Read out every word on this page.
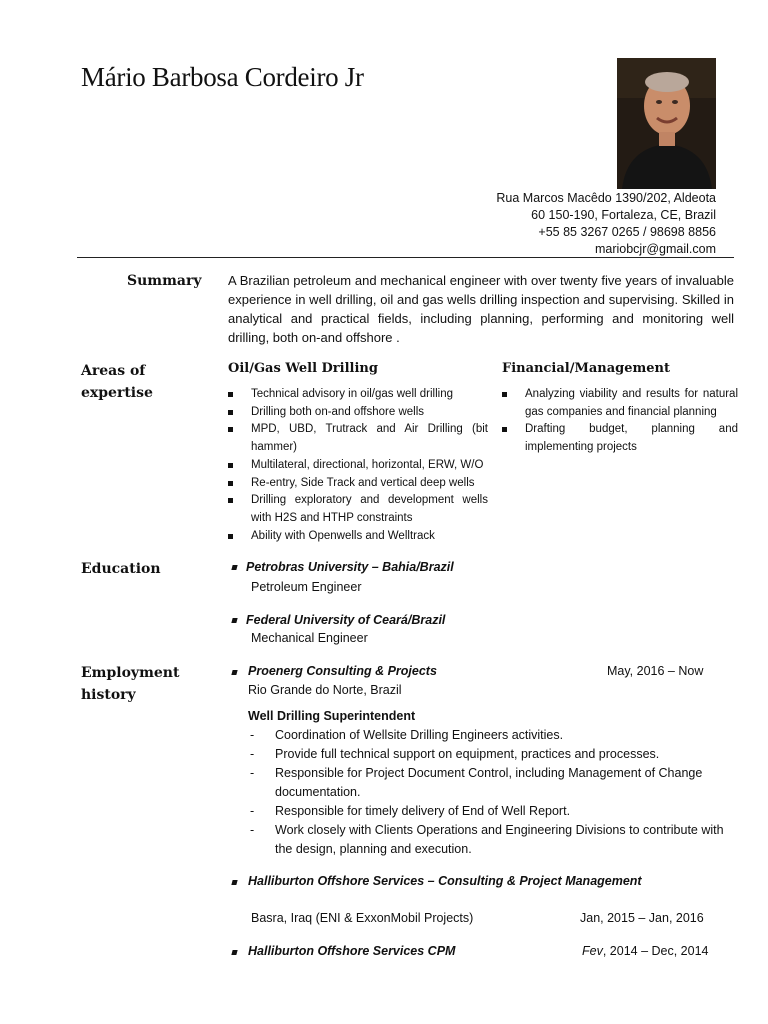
Mário Barbosa Cordeiro Jr
Rua Marcos Macêdo 1390/202, Aldeota
60 150-190, Fortaleza, CE, Brazil
+55 85 3267 0265 / 98698 8856
mariobcjr@gmail.com
Summary A Brazilian petroleum and mechanical engineer with over twenty five years of invaluable experience in well drilling, oil and gas wells drilling inspection and supervising. Skilled in analytical and practical fields, including planning, performing and monitoring well drilling, both on-and offshore .
Areas of
expertise
Oil/Gas Well Drilling
Technical advisory in oil/gas well drilling
Drilling both on-and offshore wells
MPD, UBD, Trutrack and Air Drilling (bit hammer)
Multilateral, directional, horizontal, ERW, W/O
Re-entry, Side Track and vertical deep wells
Drilling exploratory and development wells with H2S and HTHP constraints
Ability with Openwells and Welltrack
Financial/Management
Analyzing viability and results for natural gas companies and financial planning
Drafting budget, planning and implementing projects
Education	Petrobras University – Bahia/Brazil
Petroleum Engineer
Federal University of Ceará/Brazil
Mechanical Engineer
Employment
history
Proenerg Consulting & Projects	May, 2016 – Now
Rio Grande do Norte, Brazil
Well Drilling Superintendent
- Coordination of Wellsite Drilling Engineers activities.
- Provide full technical support on equipment, practices and processes.
- Responsible for Project Document Control, including Management of Change documentation.
- Responsible for timely delivery of End of Well Report.
- Work closely with Clients Operations and Engineering Divisions to contribute with the design, planning and execution.
Halliburton Offshore Services – Consulting & Project Management
Basra, Iraq (ENI & ExxonMobil Projects)	Jan, 2015 – Jan, 2016
Halliburton Offshore Services CPM	Fev, 2014 – Dec, 2014
